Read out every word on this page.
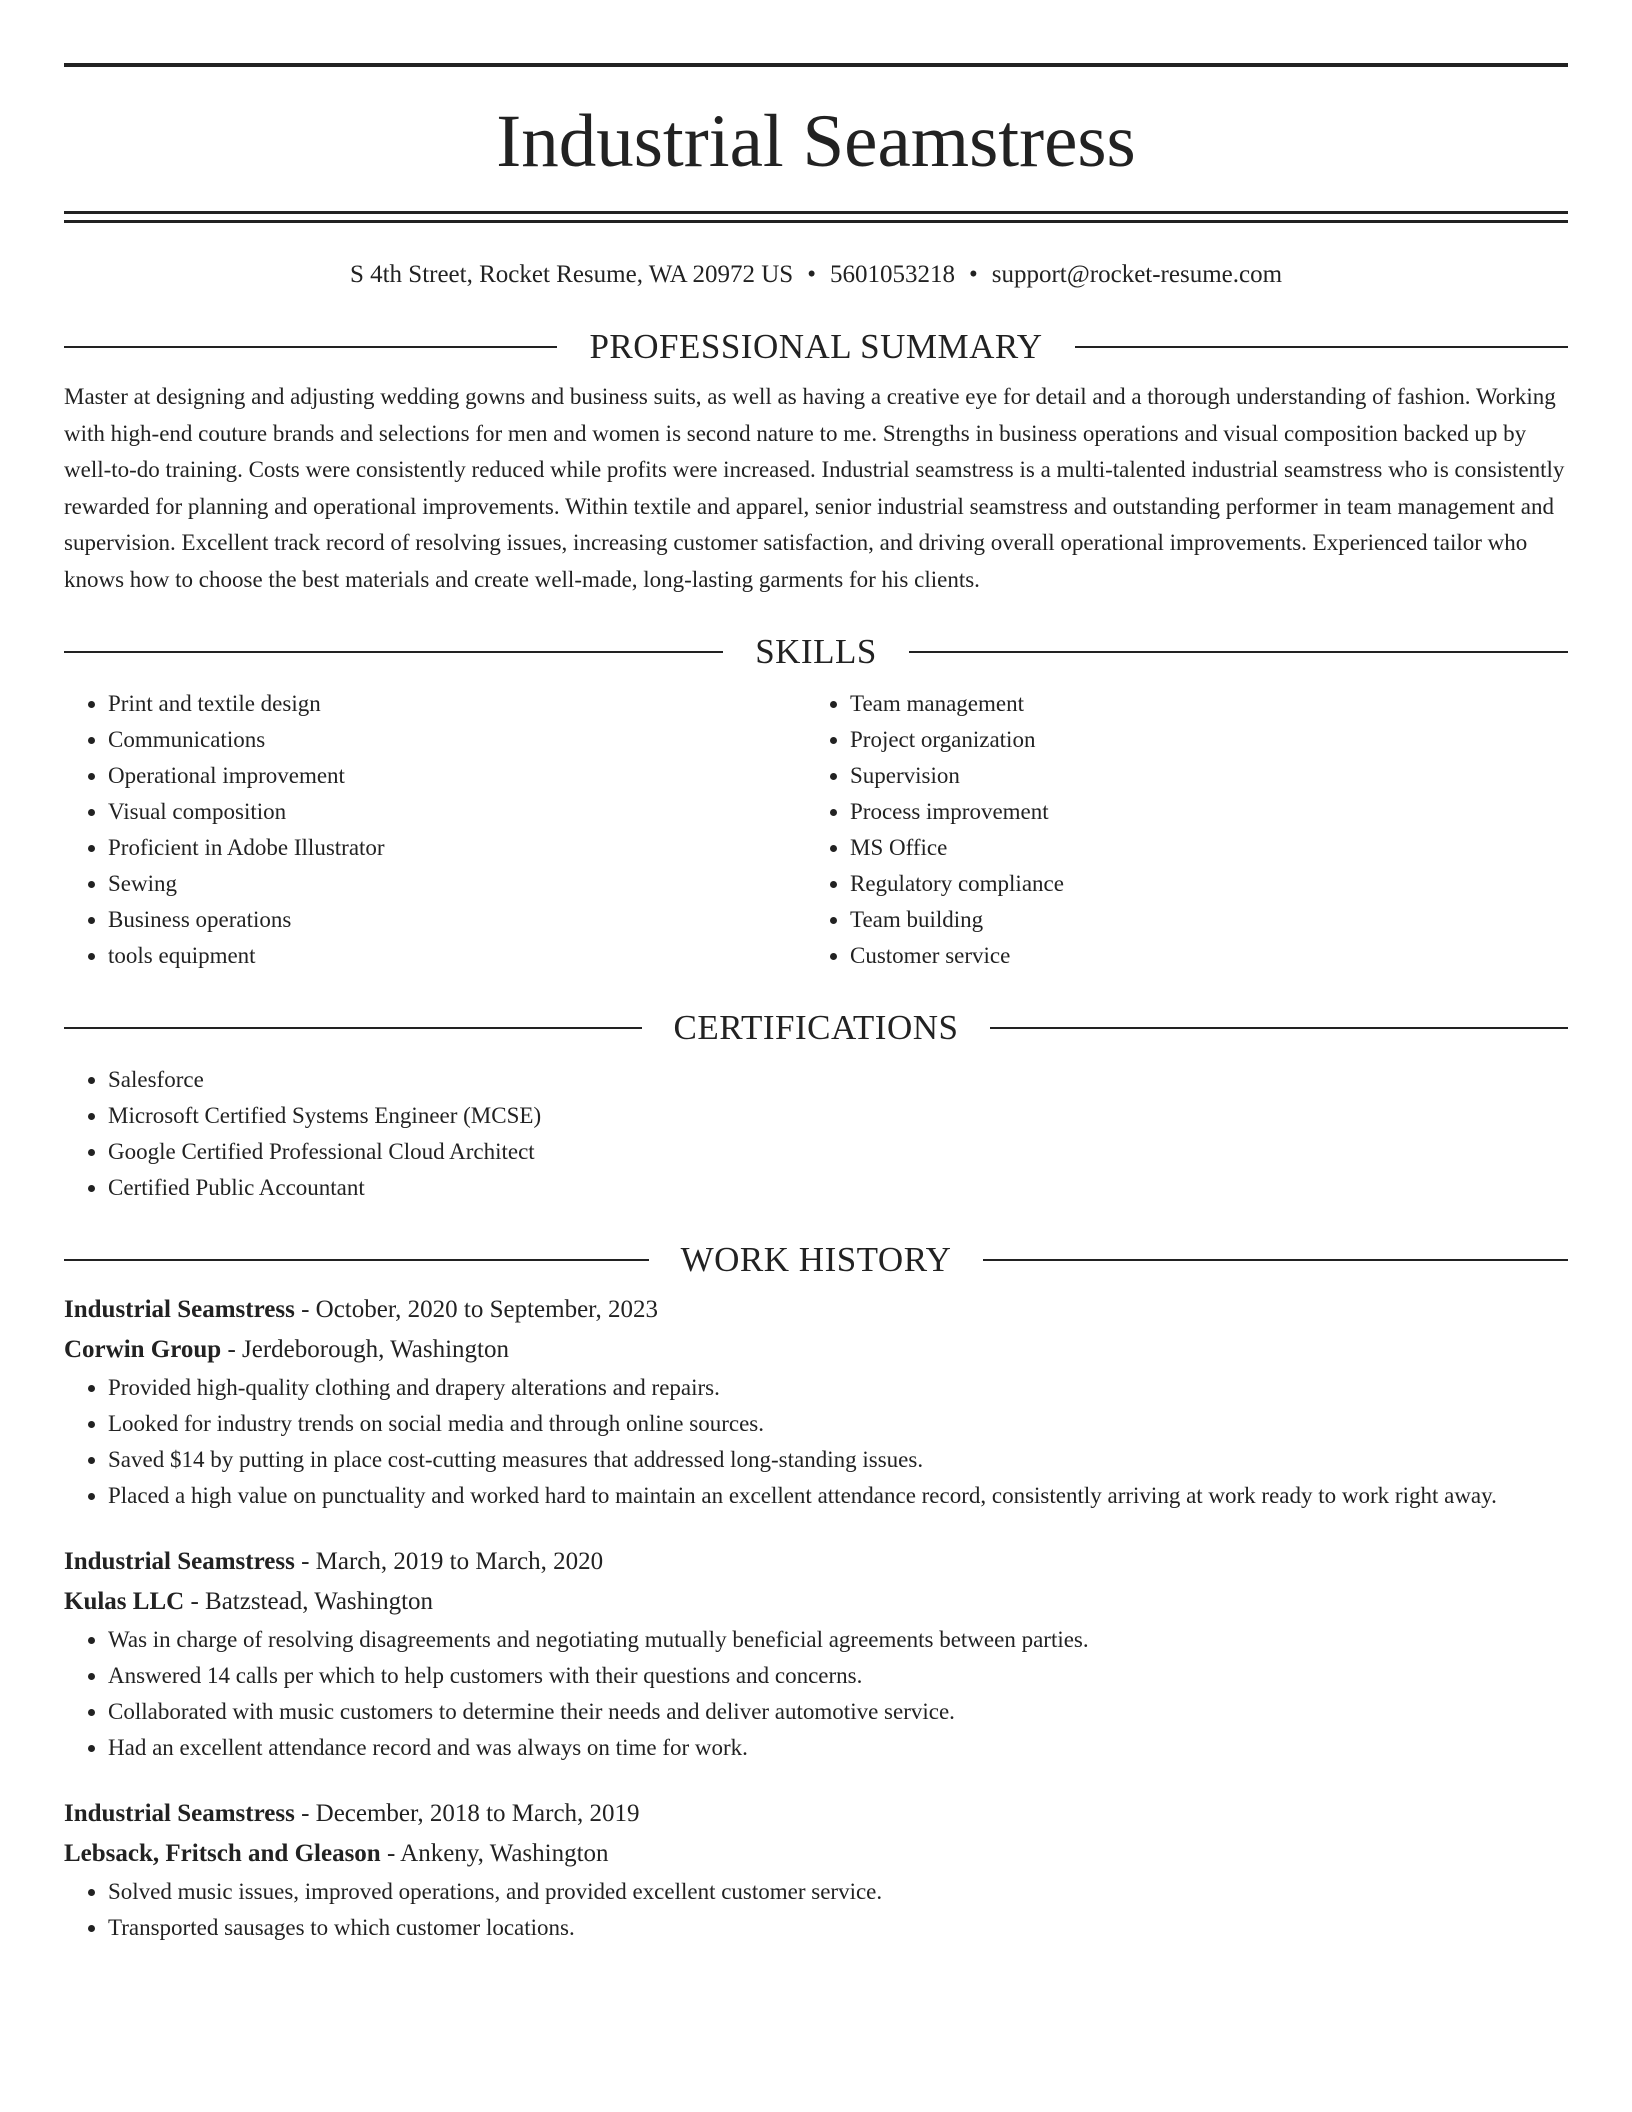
Industrial Seamstress
S 4th Street, Rocket Resume, WA 20972 US • 5601053218 • support@rocket-resume.com
PROFESSIONAL SUMMARY
Master at designing and adjusting wedding gowns and business suits, as well as having a creative eye for detail and a thorough understanding of fashion. Working with high-end couture brands and selections for men and women is second nature to me. Strengths in business operations and visual composition backed up by well-to-do training. Costs were consistently reduced while profits were increased. Industrial seamstress is a multi-talented industrial seamstress who is consistently rewarded for planning and operational improvements. Within textile and apparel, senior industrial seamstress and outstanding performer in team management and supervision. Excellent track record of resolving issues, increasing customer satisfaction, and driving overall operational improvements. Experienced tailor who knows how to choose the best materials and create well-made, long-lasting garments for his clients.
SKILLS
• Print and textile design
• Communications
• Operational improvement
• Visual composition
• Proficient in Adobe Illustrator
• Sewing
• Business operations
• tools equipment
• Team management
• Project organization
• Supervision
• Process improvement
• MS Office
• Regulatory compliance
• Team building
• Customer service
CERTIFICATIONS
• Salesforce
• Microsoft Certified Systems Engineer (MCSE)
• Google Certified Professional Cloud Architect
• Certified Public Accountant
WORK HISTORY
Industrial Seamstress - October, 2020 to September, 2023
Corwin Group - Jerdeborough, Washington
• Provided high-quality clothing and drapery alterations and repairs.
• Looked for industry trends on social media and through online sources.
• Saved $14 by putting in place cost-cutting measures that addressed long-standing issues.
• Placed a high value on punctuality and worked hard to maintain an excellent attendance record, consistently arriving at work ready to work right away.
Industrial Seamstress - March, 2019 to March, 2020
Kulas LLC - Batzstead, Washington
• Was in charge of resolving disagreements and negotiating mutually beneficial agreements between parties.
• Answered 14 calls per which to help customers with their questions and concerns.
• Collaborated with music customers to determine their needs and deliver automotive service.
• Had an excellent attendance record and was always on time for work.
Industrial Seamstress - December, 2018 to March, 2019
Lebsack, Fritsch and Gleason - Ankeny, Washington
• Solved music issues, improved operations, and provided excellent customer service.
• Transported sausages to which customer locations.
